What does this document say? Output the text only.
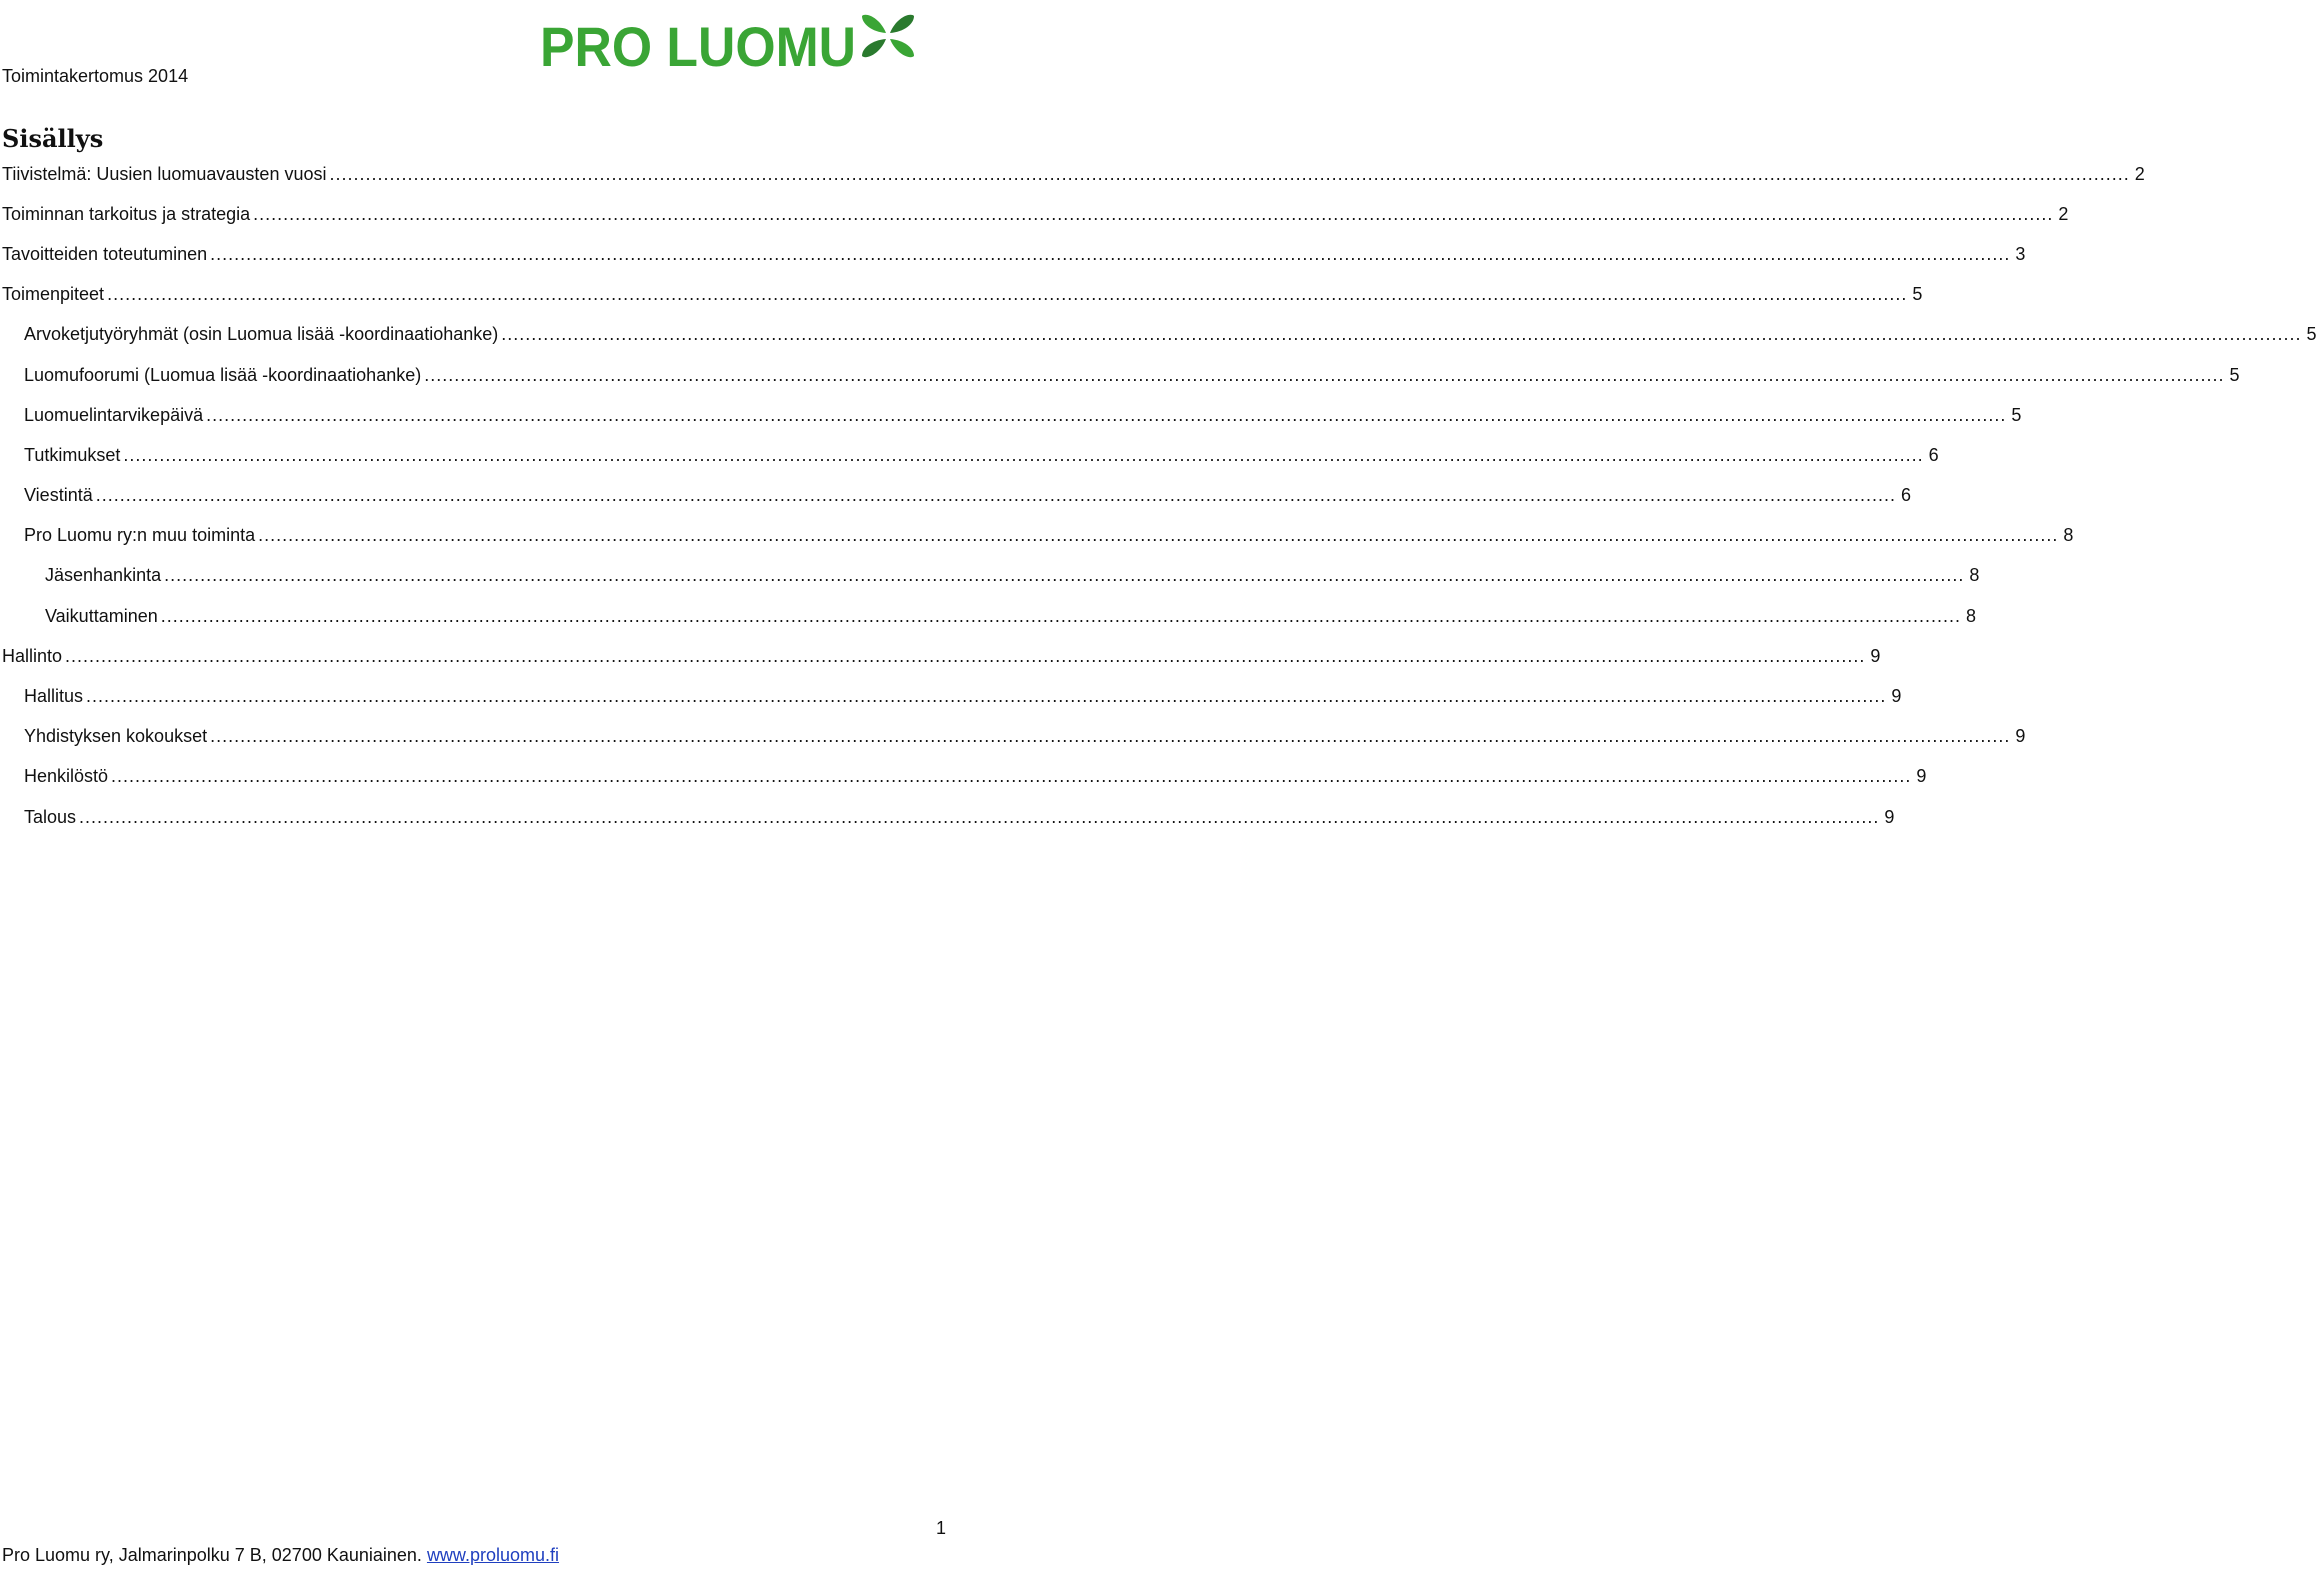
Toimintakertomus 2014	PRO LUOMU
Sisällys
Tiivistelmä: Uusien luomuavausten vuosi ............................................................................................................................................................................................................................................................................................................ 2
Toiminnan tarkoitus ja strategia ............................................................................................................................................................................................................................................................................................................ 2
Tavoitteiden toteutuminen ............................................................................................................................................................................................................................................................................................................ 3
Toimenpiteet ............................................................................................................................................................................................................................................................................................................ 5
Arvoketjutyöryhmät (osin Luomua lisää -koordinaatiohanke) ............................................................................................................................................................................................................................................................................................................ 5
Luomufoorumi (Luomua lisää -koordinaatiohanke) ............................................................................................................................................................................................................................................................................................................ 5
Luomuelintarvikepäivä ............................................................................................................................................................................................................................................................................................................ 5
Tutkimukset ............................................................................................................................................................................................................................................................................................................ 6
Viestintä ............................................................................................................................................................................................................................................................................................................ 6
Pro Luomu ry:n muu toiminta ............................................................................................................................................................................................................................................................................................................ 8
Jäsenhankinta ............................................................................................................................................................................................................................................................................................................ 8
Vaikuttaminen ............................................................................................................................................................................................................................................................................................................ 8
Hallinto ............................................................................................................................................................................................................................................................................................................ 9
Hallitus ............................................................................................................................................................................................................................................................................................................ 9
Yhdistyksen kokoukset ............................................................................................................................................................................................................................................................................................................ 9
Henkilöstö ............................................................................................................................................................................................................................................................................................................ 9
Talous ............................................................................................................................................................................................................................................................................................................ 9
1
Pro Luomu ry, Jalmarinpolku 7 B, 02700 Kauniainen. www.proluomu.fi
